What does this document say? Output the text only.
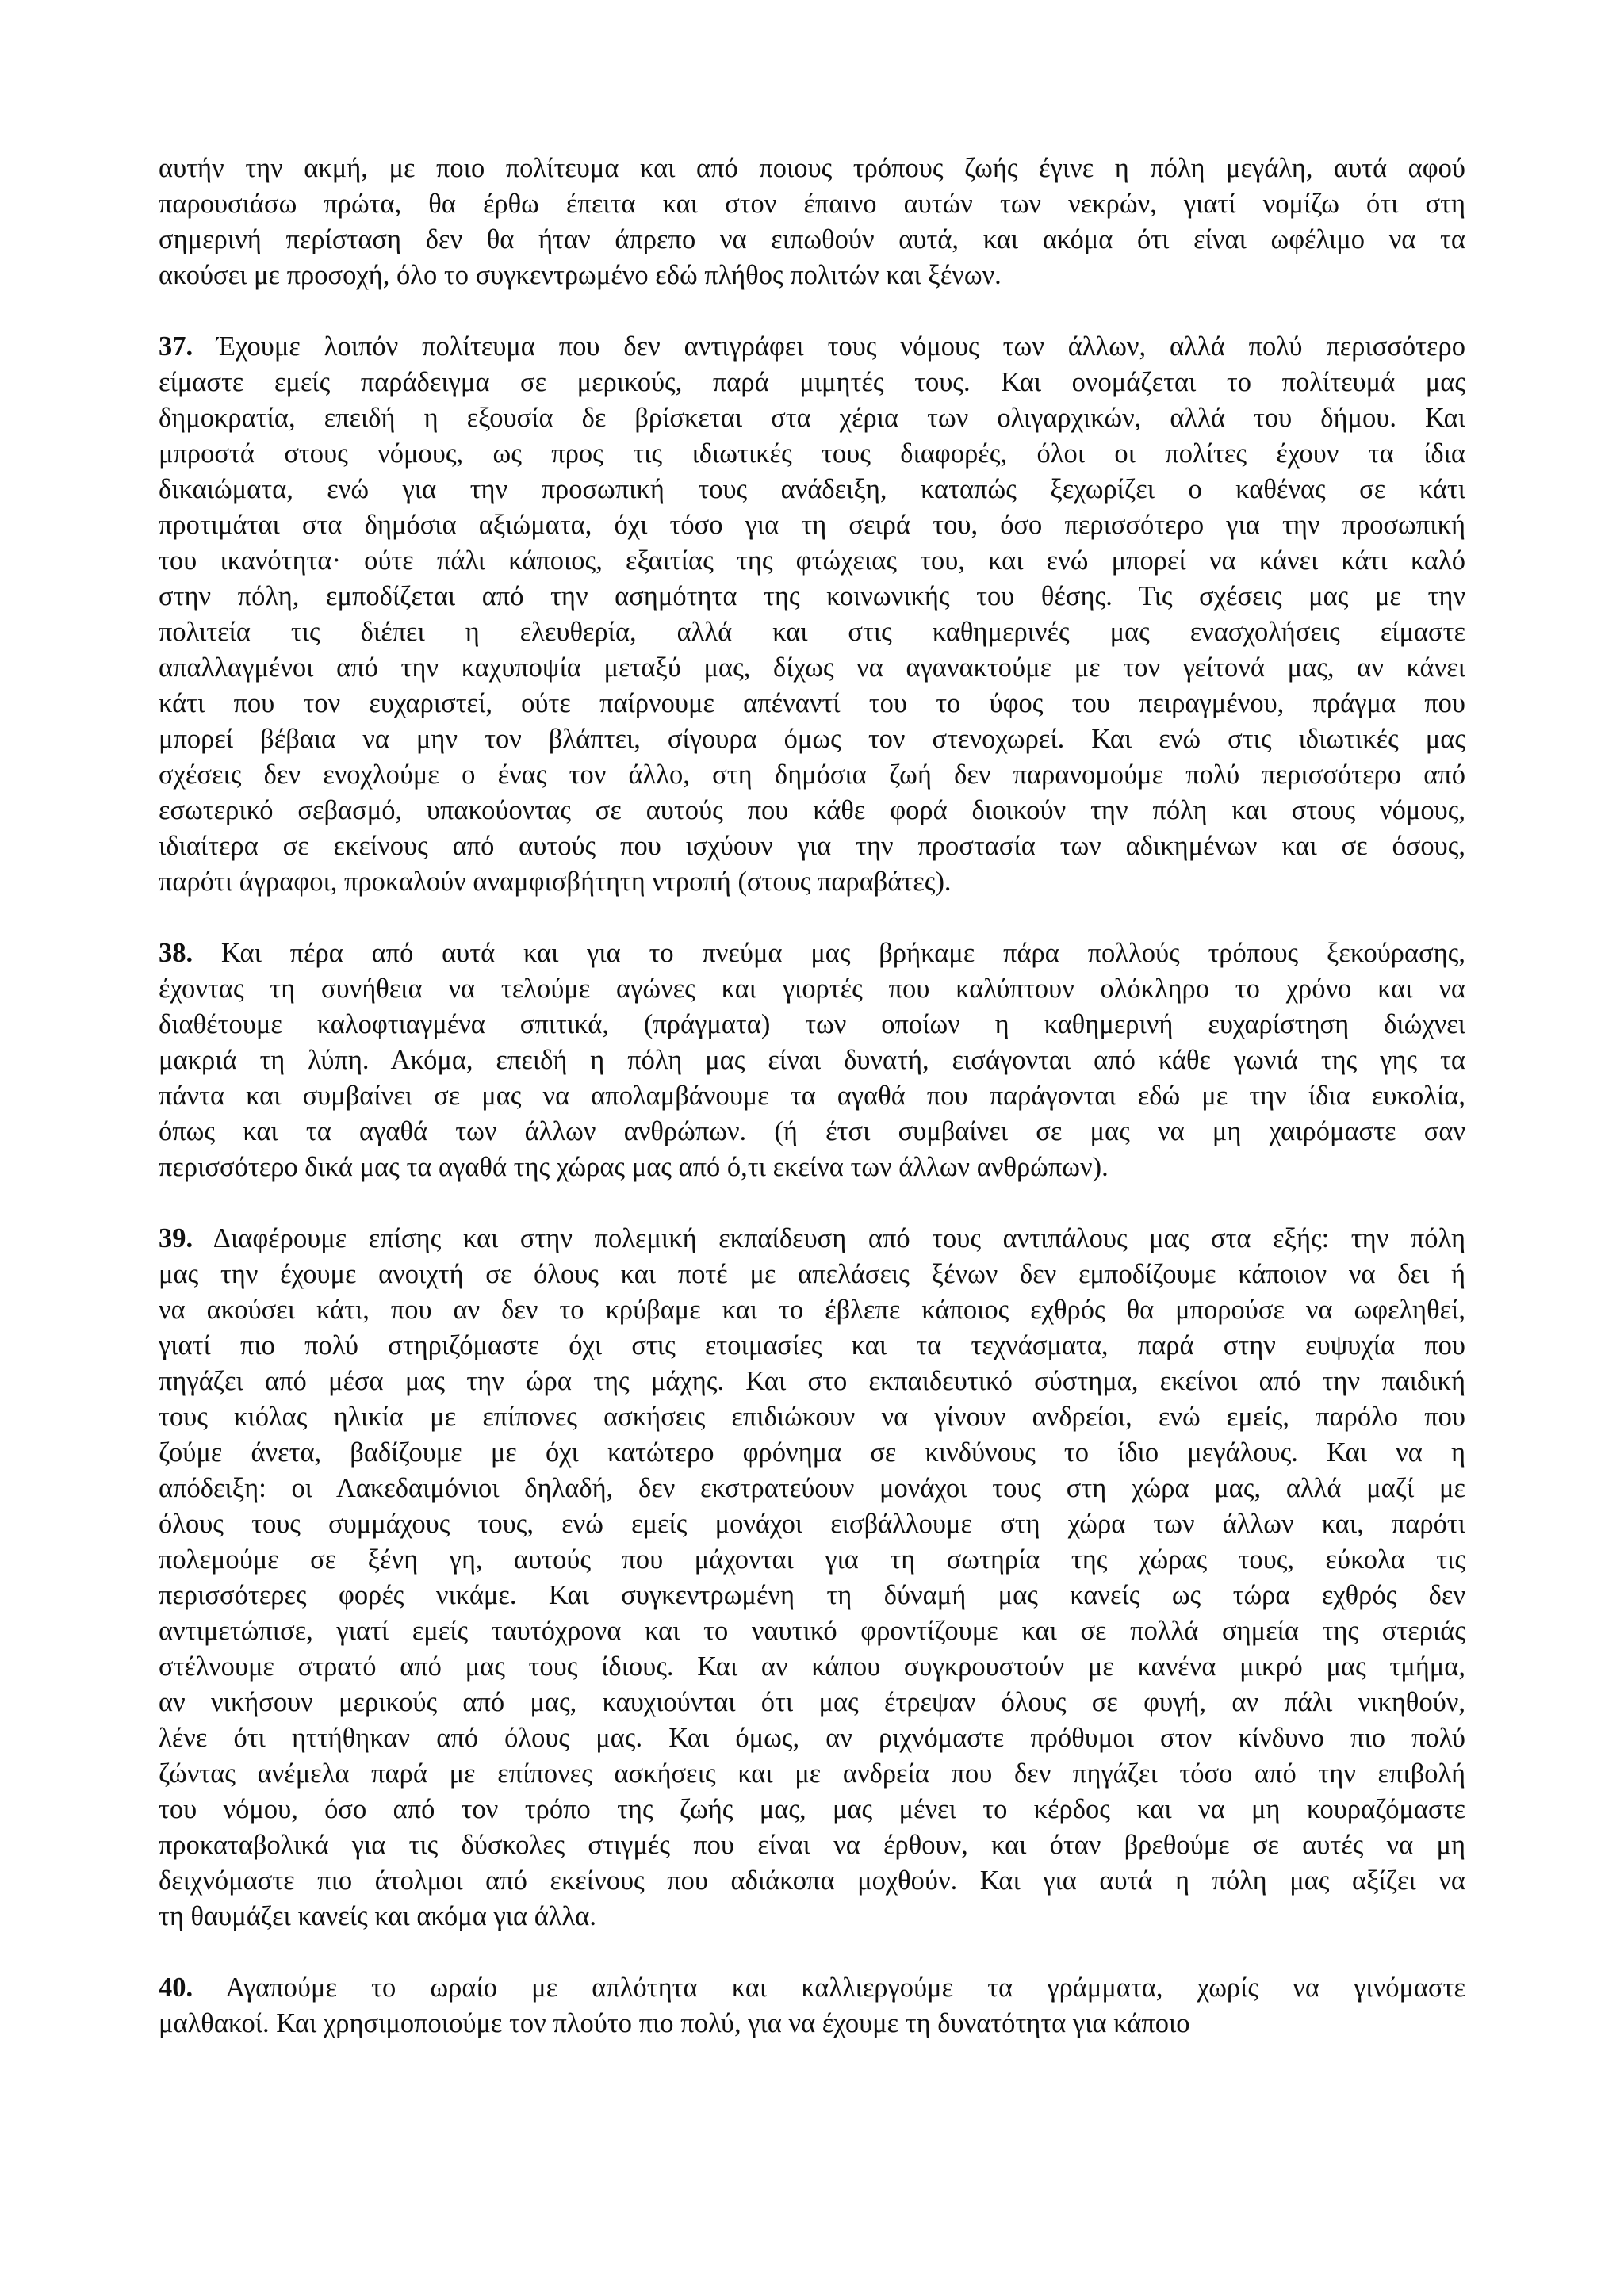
αυτήν την ακμή, με ποιο πολίτευμα και από ποιους τρόπους ζωής έγινε η πόλη μεγάλη, αυτά αφού
παρουσιάσω πρώτα, θα έρθω έπειτα και στον έπαινο αυτών των νεκρών, γιατί νομίζω ότι στη
σημερινή περίσταση δεν θα ήταν άπρεπο να ειπωθούν αυτά, και ακόμα ότι είναι ωφέλιμο να τα
ακούσει με προσοχή, όλο το συγκεντρωμένο εδώ πλήθος πολιτών και ξένων.
37. Έχουμε λοιπόν πολίτευμα που δεν αντιγράφει τους νόμους των άλλων, αλλά πολύ περισσότερο
είμαστε εμείς παράδειγμα σε μερικούς, παρά μιμητές τους. Και ονομάζεται το πολίτευμά μας
δημοκρατία, επειδή η εξουσία δε βρίσκεται στα χέρια των ολιγαρχικών, αλλά του δήμου. Και
μπροστά στους νόμους, ως προς τις ιδιωτικές τους διαφορές, όλοι οι πολίτες έχουν τα ίδια
δικαιώματα, ενώ για την προσωπική τους ανάδειξη, καταπώς ξεχωρίζει ο καθένας σε κάτι
προτιμάται στα δημόσια αξιώματα, όχι τόσο για τη σειρά του, όσο περισσότερο για την προσωπική
του ικανότητα· ούτε πάλι κάποιος, εξαιτίας της φτώχειας του, και ενώ μπορεί να κάνει κάτι καλό
στην πόλη, εμποδίζεται από την ασημότητα της κοινωνικής του θέσης. Τις σχέσεις μας με την
πολιτεία τις διέπει η ελευθερία, αλλά και στις καθημερινές μας ενασχολήσεις είμαστε
απαλλαγμένοι από την καχυποψία μεταξύ μας, δίχως να αγανακτούμε με τον γείτονά μας, αν κάνει
κάτι που τον ευχαριστεί, ούτε παίρνουμε απέναντί του το ύφος του πειραγμένου, πράγμα που
μπορεί βέβαια να μην τον βλάπτει, σίγουρα όμως τον στενοχωρεί. Και ενώ στις ιδιωτικές μας
σχέσεις δεν ενοχλούμε ο ένας τον άλλο, στη δημόσια ζωή δεν παρανομούμε πολύ περισσότερο από
εσωτερικό σεβασμό, υπακούοντας σε αυτούς που κάθε φορά διοικούν την πόλη και στους νόμους,
ιδιαίτερα σε εκείνους από αυτούς που ισχύουν για την προστασία των αδικημένων και σε όσους,
παρότι άγραφοι, προκαλούν αναμφισβήτητη ντροπή (στους παραβάτες).
38. Και πέρα από αυτά και για το πνεύμα μας βρήκαμε πάρα πολλούς τρόπους ξεκούρασης,
έχοντας τη συνήθεια να τελούμε αγώνες και γιορτές που καλύπτουν ολόκληρο το χρόνο και να
διαθέτουμε καλοφτιαγμένα σπιτικά, (πράγματα) των οποίων η καθημερινή ευχαρίστηση διώχνει
μακριά τη λύπη. Ακόμα, επειδή η πόλη μας είναι δυνατή, εισάγονται από κάθε γωνιά της γης τα
πάντα και συμβαίνει σε μας να απολαμβάνουμε τα αγαθά που παράγονται εδώ με την ίδια ευκολία,
όπως και τα αγαθά των άλλων ανθρώπων. (ή έτσι συμβαίνει σε μας να μη χαιρόμαστε σαν
περισσότερο δικά μας τα αγαθά της χώρας μας από ό,τι εκείνα των άλλων ανθρώπων).
39. Διαφέρουμε επίσης και στην πολεμική εκπαίδευση από τους αντιπάλους μας στα εξής: την πόλη
μας την έχουμε ανοιχτή σε όλους και ποτέ με απελάσεις ξένων δεν εμποδίζουμε κάποιον να δει ή
να ακούσει κάτι, που αν δεν το κρύβαμε και το έβλεπε κάποιος εχθρός θα μπορούσε να ωφεληθεί,
γιατί πιο πολύ στηριζόμαστε όχι στις ετοιμασίες και τα τεχνάσματα, παρά στην ευψυχία που
πηγάζει από μέσα μας την ώρα της μάχης. Και στο εκπαιδευτικό σύστημα, εκείνοι από την παιδική
τους κιόλας ηλικία με επίπονες ασκήσεις επιδιώκουν να γίνουν ανδρείοι, ενώ εμείς, παρόλο που
ζούμε άνετα, βαδίζουμε με όχι κατώτερο φρόνημα σε κινδύνους το ίδιο μεγάλους. Και να η
απόδειξη: οι Λακεδαιμόνιοι δηλαδή, δεν εκστρατεύουν μονάχοι τους στη χώρα μας, αλλά μαζί με
όλους τους συμμάχους τους, ενώ εμείς μονάχοι εισβάλλουμε στη χώρα των άλλων και, παρότι
πολεμούμε σε ξένη γη, αυτούς που μάχονται για τη σωτηρία της χώρας τους, εύκολα τις
περισσότερες φορές νικάμε. Και συγκεντρωμένη τη δύναμή μας κανείς ως τώρα εχθρός δεν
αντιμετώπισε, γιατί εμείς ταυτόχρονα και το ναυτικό φροντίζουμε και σε πολλά σημεία της στεριάς
στέλνουμε στρατό από μας τους ίδιους. Και αν κάπου συγκρουστούν με κανένα μικρό μας τμήμα,
αν νικήσουν μερικούς από μας, καυχιούνται ότι μας έτρεψαν όλους σε φυγή, αν πάλι νικηθούν,
λένε ότι ηττήθηκαν από όλους μας. Και όμως, αν ριχνόμαστε πρόθυμοι στον κίνδυνο πιο πολύ
ζώντας ανέμελα παρά με επίπονες ασκήσεις και με ανδρεία που δεν πηγάζει τόσο από την επιβολή
του νόμου, όσο από τον τρόπο της ζωής μας, μας μένει το κέρδος και να μη κουραζόμαστε
προκαταβολικά για τις δύσκολες στιγμές που είναι να έρθουν, και όταν βρεθούμε σε αυτές να μη
δειχνόμαστε πιο άτολμοι από εκείνους που αδιάκοπα μοχθούν. Και για αυτά η πόλη μας αξίζει να
τη θαυμάζει κανείς και ακόμα για άλλα.
40. Αγαπούμε το ωραίο με απλότητα και καλλιεργούμε τα γράμματα, χωρίς να γινόμαστε
μαλθακοί. Και χρησιμοποιούμε τον πλούτο πιο πολύ, για να έχουμε τη δυνατότητα για κάποιο
